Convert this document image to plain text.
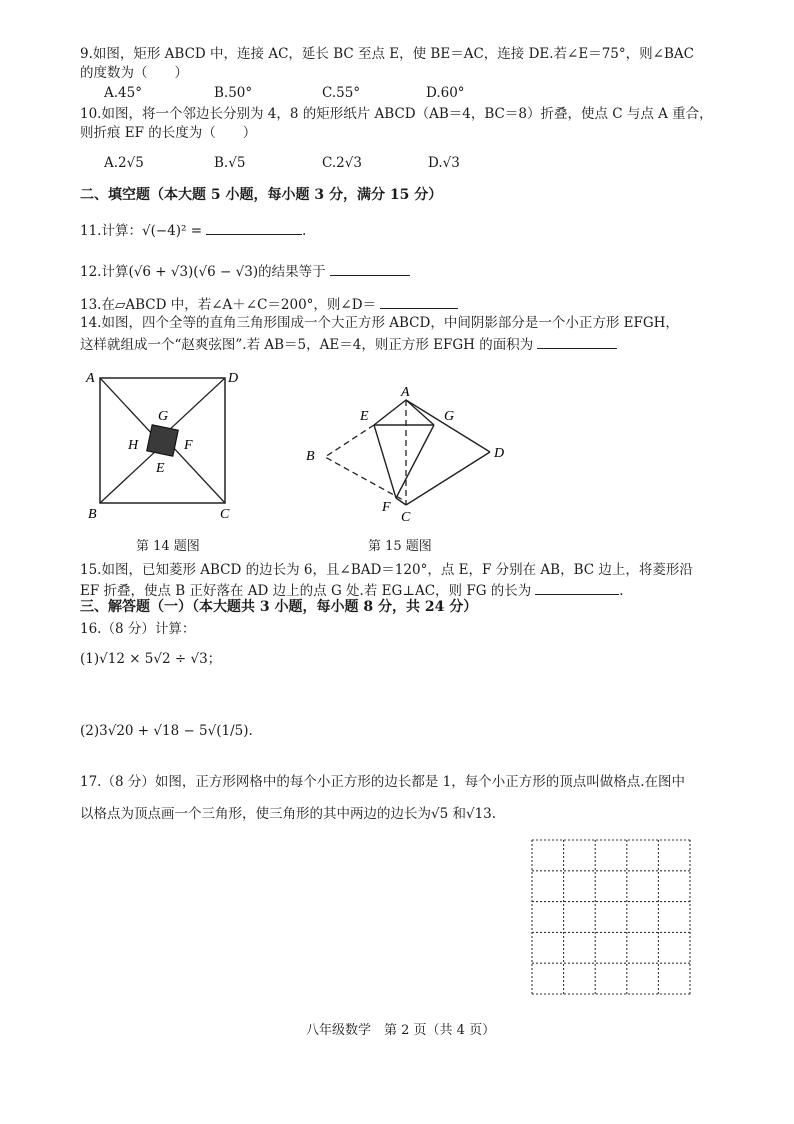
9.如图，矩形 ABCD 中，连接 AC，延长 BC 至点 E，使 BE＝AC，连接 DE.若∠E＝75°，则∠BAC
的度数为（　　）
A.45°	B.50°	C.55°	D.60°
10.如图，将一个邻边长分别为 4，8 的矩形纸片 ABCD（AB＝4，BC＝8）折叠，使点 C 与点 A 重合，
则折痕 EF 的长度为（　　）
A.2√5	B.√5	C.2√3	D.√3
二、填空题（本大题 5 小题，每小题 3 分，满分 15 分）
11.计算：√(−4)² =	.
12.计算(√6 + √3)(√6 − √3)的结果等于
13.在▱ABCD 中，若∠A＋∠C＝200°，则∠D＝
14.如图，四个全等的直角三角形围成一个大正方形 ABCD，中间阴影部分是一个小正方形 EFGH，
这样就组成一个“赵爽弦图”.若 AB＝5，AE＝4，则正方形 EFGH 的面积为
A	D
B	C
G
H	F
E
第 14 题图
A
E	G
B	D
F
C
第 15 题图
15.如图，已知菱形 ABCD 的边长为 6，且∠BAD＝120°，点 E，F 分别在 AB，BC 边上，将菱形沿
EF 折叠，使点 B 正好落在 AD 边上的点 G 处.若 EG⊥AC，则 FG 的长为	.
三、解答题（一）（本大题共 3 小题，每小题 8 分，共 24 分）
16.（8 分）计算：
(1)√12 × 5√2 ÷ √3；
(2)3√20 + √18 − 5√(1/5).
17.（8 分）如图，正方形网格中的每个小正方形的边长都是 1，每个小正方形的顶点叫做格点.在图中
以格点为顶点画一个三角形，使三角形的其中两边的边长为√5 和√13.
八年级数学　第 2 页（共 4 页）
